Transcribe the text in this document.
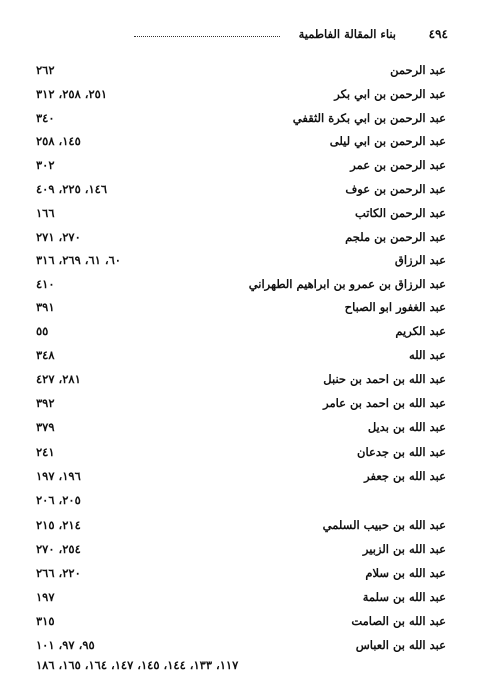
٤٩٤
بناء المقالة الفاطمية
عبد الرحمن
٢٦٢
عبد الرحمن بن ابي بكر
٢٥١، ٢٥٨، ٣١٢
عبد الرحمن بن ابي بكرة الثقفي
٣٤٠
عبد الرحمن بن ابي ليلى
١٤٥، ٢٥٨
عبد الرحمن بن عمر
٣٠٢
عبد الرحمن بن عوف
١٤٦، ٢٢٥، ٤٠٩
عبد الرحمن الكاتب
١٦٦
عبد الرحمن بن ملجم
٢٧٠، ٢٧١
عبد الرزاق
٦٠، ٦١، ٢٦٩، ٣١٦
عبد الرزاق بن عمرو بن ابراهيم الطهراني
٤١٠
عبد الغفور ابو الصباح
٣٩١
عبد الكريم
٥٥
عبد الله
٣٤٨
عبد الله بن احمد بن حنبل
٢٨١، ٤٢٧
عبد الله بن احمد بن عامر
٣٩٢
عبد الله بن بديل
٣٧٩
عبد الله بن جدعان
٢٤١
عبد الله بن جعفر
١٩٦، ١٩٧
٢٠٥، ٢٠٦
عبد الله بن حبيب السلمي
٢١٤، ٢١٥
عبد الله بن الزبير
٢٥٤، ٢٧٠
عبد الله بن سلام
٢٢٠، ٢٦٦
عبد الله بن سلمة
١٩٧
عبد الله بن الصامت
٣١٥
عبد الله بن العباس
٩٥، ٩٧، ١٠١
١١٧، ١٣٣، ١٤٤، ١٤٥، ١٤٧، ١٦٤، ١٦٥، ١٨٦
